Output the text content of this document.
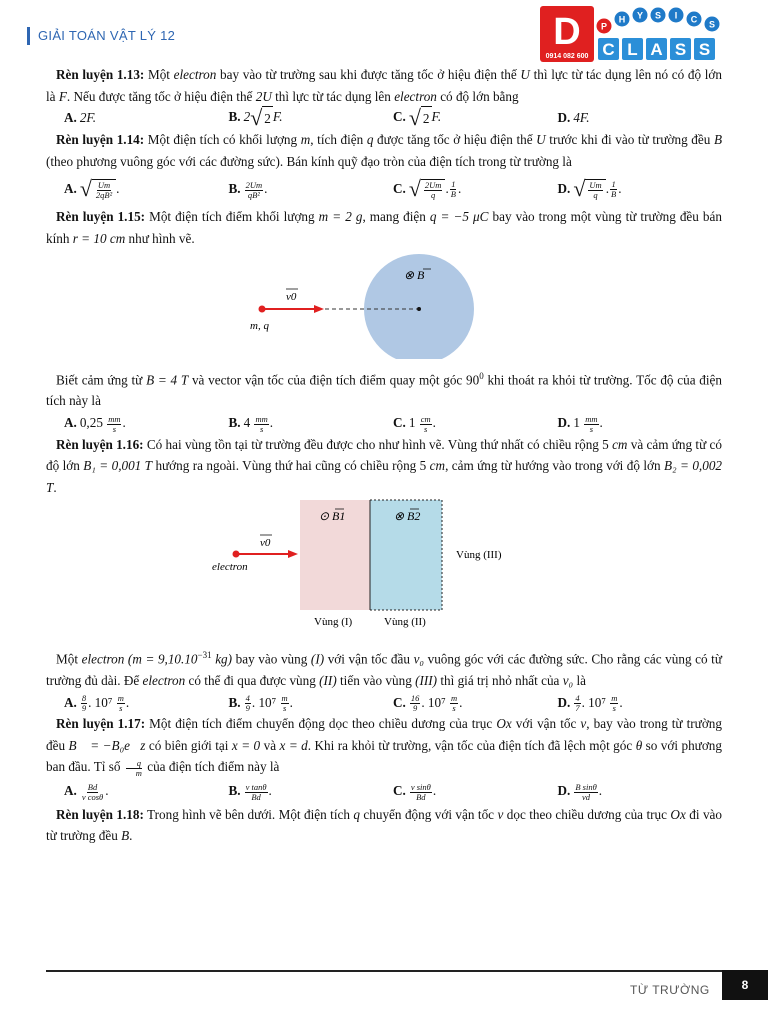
GIẢI TOÁN VẬT LÝ 12	D
0914 082 600
P
H Y S I C S
C L A S S

Rèn luyện 1.13: Một electron bay vào từ trường sau khi được tăng tốc ở hiệu điện thế U thì lực từ tác dụng lên nó có độ lớn là F. Nếu được tăng tốc ở hiệu điện thế 2U thì lực từ tác dụng lên electron có độ lớn bằng

A. 2F.	B. 2 √ 2 F.	C. √ 2 F.	D. 4F.

Rèn luyện 1.14: Một điện tích có khối lượng m, tích điện q được tăng tốc ở hiệu điện thế U trước khi đi vào từ trường đều B (theo phương vuông góc với các đường sức). Bán kính quỹ đạo tròn của điện tích trong từ trường là

A. √ $\frac{Um}{\text{2qB²}}$ .	B. $\frac{2Um}{\text{qB²}}$ .	C. √ $\frac{2Um}{q}$ . $\frac{1}{B}$ .	D. √ $\frac{Um}{q}$ . $\frac{1}{B}$ .

Rèn luyện 1.15: Một điện tích điểm khối lượng m = 2 g, mang điện q = −5 μC bay vào trong một vùng từ trường đều bán kính r = 10 cm như hình vẽ.

⊗ B
v0
m, q

Biết cảm ứng từ B = 4 T và vector vận tốc của điện tích điểm quay một góc $90^0$ khi thoát ra khỏi từ trường. Tốc độ của điện tích này là

A. $0,25 \frac{mm}{s}$ .	B. $4 \frac{mm}{s}$ .	C. $1 \frac{cm}{s}$ .	D. $1 \frac{mm}{s}$ .

Rèn luyện 1.16: Có hai vùng tồn tại từ trường đều được cho như hình vẽ. Vùng thứ nhất có chiều rộng 5 cm và cảm ứng từ có độ lớn B₁ = 0,001 T hướng ra ngoài. Vùng thứ hai cũng có chiều rộng 5 cm, cảm ứng từ hướng vào trong với độ lớn B₂ = 0,002 T.

⊙ B1	⊗ B2
v0
electron
Vùng (III)
Vùng (I)	Vùng (II)

Một electron ($m = 9,10.10^{-31}$ kg) bay vào vùng (I) với vận tốc đầu v₀ vuông góc với các đường sức. Cho rằng các vùng có từ trường đủ dài. Để electron có thể đi qua được vùng (II) tiến vào vùng (III) thì giá trị nhỏ nhất của v₀ là

A. $\frac{8}{9}$ . $10^7 \frac{m}{s}$ .	B. $\frac{4}{9}$ . $10^7 \frac{m}{s}$ .	C. $\frac{16}{9}$ . $10^7 \frac{m}{s}$ .	D. $\frac{4}{7}$ . $10^7 \frac{m}{s}$ .

Rèn luyện 1.17: Một điện tích điểm chuyển động dọc theo chiều dương của trục Ox với vận tốc v, bay vào trong từ trường đều B⃗ = −B₀e⃗z có biên giới tại x = 0 và x = d. Khi ra khỏi từ trường, vận tốc của điện tích đã lệch một góc θ so với phương ban đầu. Tỉ số $\frac{q}{m}$ của điện tích điểm này là

A. $\frac{Bd}{\text{v cosθ}}$ .	B. $\frac{\text{v tanθ}}{Bd}$ .	C. $\frac{\text{v sinθ}}{Bd}$ .	D. $\frac{\text{B sinθ}}{vd}$ .

Rèn luyện 1.18: Trong hình vẽ bên dưới. Một điện tích q chuyển động với vận tốc v dọc theo chiều dương của trục Ox đi vào từ trường đều B.

TỪ TRƯỜNG	8
